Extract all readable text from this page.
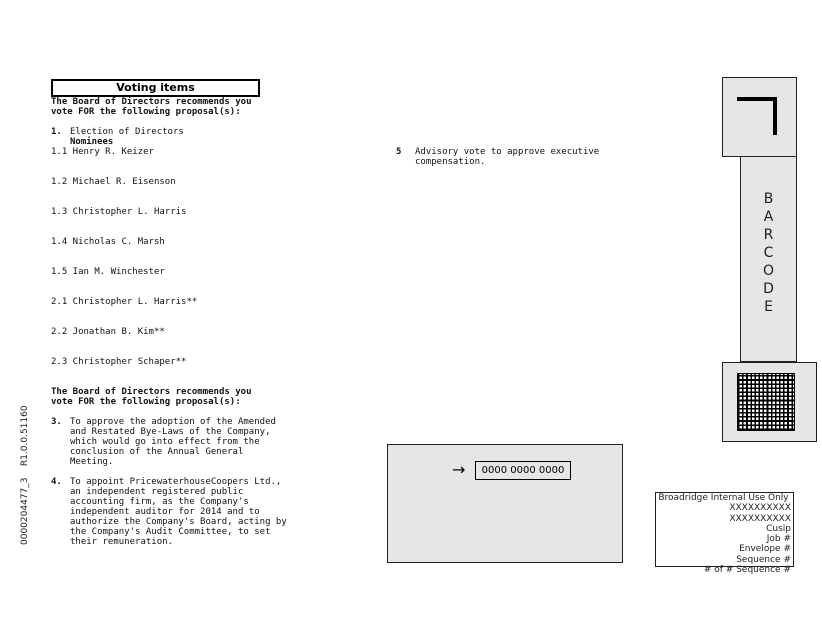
Voting items
The Board of Directors recommends you
vote FOR the following proposal(s):
1. Election of Directors
Nominees
1.1 Henry R. Keizer
1.2 Michael R. Eisenson
1.3 Christopher L. Harris
1.4 Nicholas C. Marsh
1.5 Ian M. Winchester
2.1 Christopher L. Harris**
2.2 Jonathan B. Kim**
2.3 Christopher Schaper**
The Board of Directors recommends you
vote FOR the following proposal(s):
3. To approve the adoption of the Amended
and Restated Bye-Laws of the Company,
which would go into effect from the
conclusion of the Annual General
Meeting.
4. To appoint PricewaterhouseCoopers Ltd.,
an independent registered public
accounting firm, as the Company's
independent auditor for 2014 and to
authorize the Company's Board, acting by
the Company's Audit Committee, to set
their remuneration.
5 Advisory vote to approve executive
compensation.
B
A
R
C
O
D
E
→	0000 0000 0000
Broadridge Internal Use Only
XXXXXXXXXX
XXXXXXXXXX
Cusip
Job #
Envelope #
Sequence #
# of # Sequence #
0000204477_3    R1.0.0.51160
